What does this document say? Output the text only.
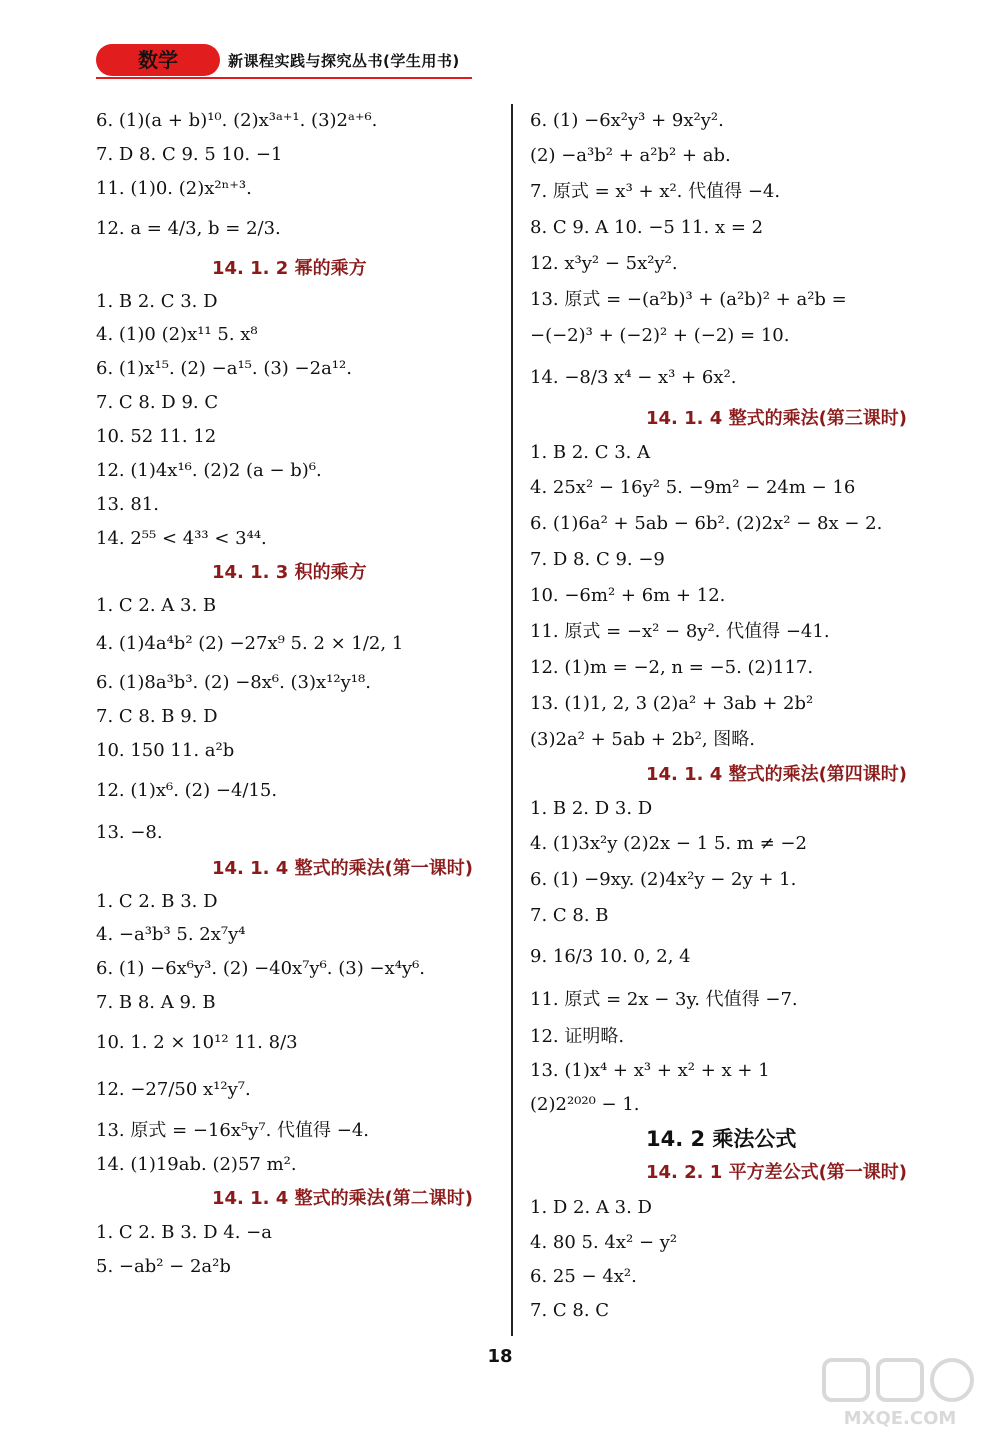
数学	新课程实践与探究丛书(学生用书)
6. (1)(a + b)¹⁰. (2)x³ᵃ⁺¹. (3)2ᵃ⁺⁶.
7. D 8. C 9. 5 10. −1
11. (1)0. (2)x²ⁿ⁺³.
12. a = 4/3, b = 2/3.
14. 1. 2 幂的乘方
1. B 2. C 3. D
4. (1)0 (2)x¹¹ 5. x⁸
6. (1)x¹⁵. (2) −a¹⁵. (3) −2a¹².
7. C 8. D 9. C
10. 52 11. 12
12. (1)4x¹⁶. (2)2 (a − b)⁶.
13. 81.
14. 2⁵⁵ < 4³³ < 3⁴⁴.
14. 1. 3 积的乘方
1. C 2. A 3. B
4. (1)4a⁴b² (2) −27x⁹ 5. 2 × 1/2, 1
6. (1)8a³b³. (2) −8x⁶. (3)x¹²y¹⁸.
7. C 8. B 9. D
10. 150 11. a²b
12. (1)x⁶. (2) −4/15.
13. −8.
14. 1. 4 整式的乘法(第一课时)
1. C 2. B 3. D
4. −a³b³ 5. 2x⁷y⁴
6. (1) −6x⁶y³. (2) −40x⁷y⁶. (3) −x⁴y⁶.
7. B 8. A 9. B
10. 1. 2 × 10¹² 11. 8/3
12. −27/50 x¹²y⁷.
13. 原式 = −16x⁵y⁷. 代值得 −4.
14. (1)19ab. (2)57 m².
14. 1. 4 整式的乘法(第二课时)
1. C 2. B 3. D 4. −a
5. −ab² − 2a²b
6. (1) −6x²y³ + 9x²y².
(2) −a³b² + a²b² + ab.
7. 原式 = x³ + x². 代值得 −4.
8. C 9. A 10. −5 11. x = 2
12. x³y² − 5x²y².
13. 原式 = −(a²b)³ + (a²b)² + a²b =
−(−2)³ + (−2)² + (−2) = 10.
14. −8/3 x⁴ − x³ + 6x².
14. 1. 4 整式的乘法(第三课时)
1. B 2. C 3. A
4. 25x² − 16y² 5. −9m² − 24m − 16
6. (1)6a² + 5ab − 6b². (2)2x² − 8x − 2.
7. D 8. C 9. −9
10. −6m² + 6m + 12.
11. 原式 = −x² − 8y². 代值得 −41.
12. (1)m = −2, n = −5. (2)117.
13. (1)1, 2, 3 (2)a² + 3ab + 2b²
(3)2a² + 5ab + 2b², 图略.
14. 1. 4 整式的乘法(第四课时)
1. B 2. D 3. D
4. (1)3x²y (2)2x − 1 5. m ≠ −2
6. (1) −9xy. (2)4x²y − 2y + 1.
7. C 8. B
9. 16/3 10. 0, 2, 4
11. 原式 = 2x − 3y. 代值得 −7.
12. 证明略.
13. (1)x⁴ + x³ + x² + x + 1
(2)2²⁰²⁰ − 1.
14. 2 乘法公式
14. 2. 1 平方差公式(第一课时)
1. D 2. A 3. D
4. 80 5. 4x² − y²
6. 25 − 4x².
7. C 8. C
18
MXQE.COM
